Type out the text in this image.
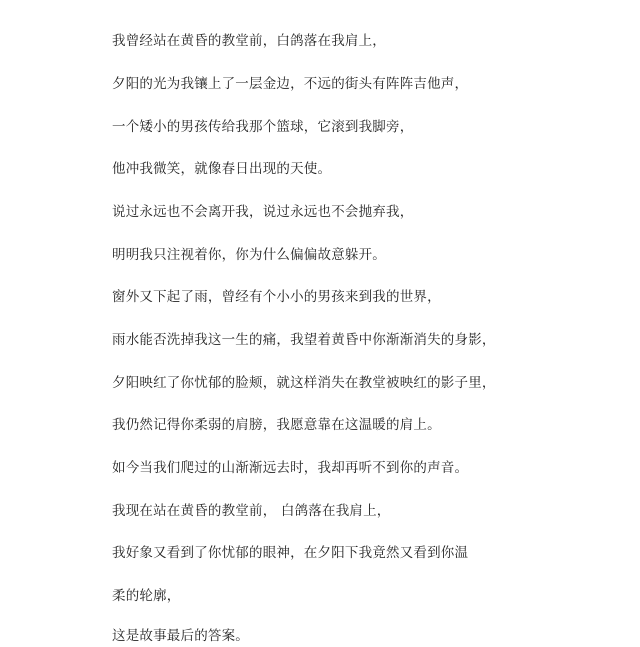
我曾经站在黄昏的教堂前，白鸽落在我肩上，

夕阳的光为我镶上了一层金边，不远的街头有阵阵吉他声，

一个矮小的男孩传给我那个篮球，它滚到我脚旁，

他冲我微笑，就像春日出现的天使。

说过永远也不会离开我，说过永远也不会抛弃我，

明明我只注视着你，你为什么偏偏故意躲开。

窗外又下起了雨，曾经有个小小的男孩来到我的世界，

雨水能否洗掉我这一生的痛，我望着黄昏中你渐渐消失的身影，

夕阳映红了你忧郁的脸颊，就这样消失在教堂被映红的影子里，

我仍然记得你柔弱的肩膀，我愿意靠在这温暖的肩上。

如今当我们爬过的山渐渐远去时，我却再听不到你的声音。

我现在站在黄昏的教堂前， 白鸽落在我肩上，

我好象又看到了你忧郁的眼神，在夕阳下我竟然又看到你温

柔的轮廓，

这是故事最后的答案。
